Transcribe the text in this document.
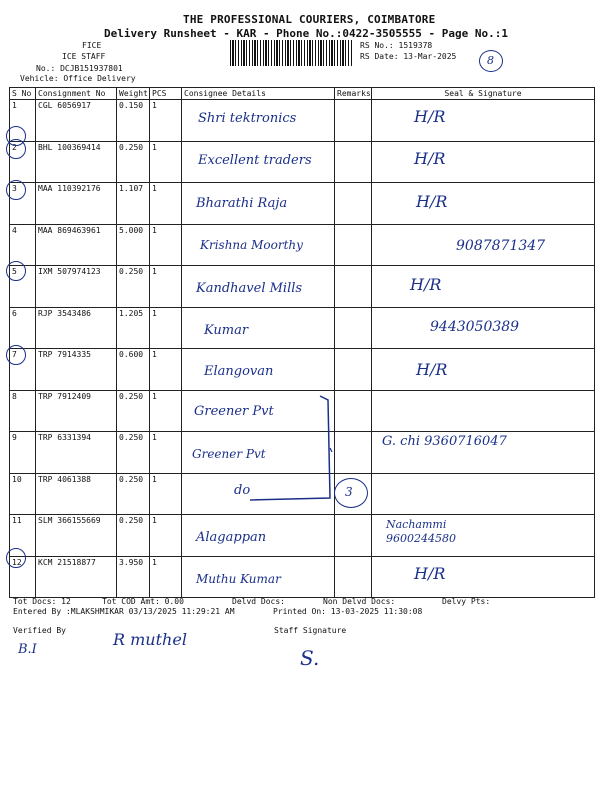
THE PROFESSIONAL COURIERS, COIMBATORE
Delivery Runsheet - KAR - Phone No.:0422-3505555 - Page No.:1
FICE
ICE STAFF
No.: DCJB151937801
Vehicle: Office Delivery
RS No.: 1519378
RS Date: 13-Mar-2025	8
S No	Consignment No	Weight	PCS	Consignee Details	Remarks	Seal & Signature
1	CGL 6056917	0.150	1	Shri tektronics		H/R

2	BHL 100369414	0.250	1	Excellent traders		H/R

3	MAA 110392176	1.107	1	Bharathi Raja		H/R

4	MAA 869463961	5.000	1	Krishna Moorthy		9087871347

5	IXM 507974123	0.250	1	Kandhavel Mills		H/R

6	RJP 3543486	1.205	1	Kumar		9443050389

7	TRP 7914335	0.600	1	Elangovan		H/R

8	TRP 7912409	0.250	1	Greener Pvt		

9	TRP 6331394	0.250	1	Greener Pvt		G. chi 9360716047

10	TRP 4061388	0.250	1	do		

11	SLM 366155669	0.250	1	Alagappan		Nachammi 9600244580

12	KCM 21518877	3.950	1	Muthu Kumar		H/R
3
Tot Docs: 12	Tot COD Amt: 0.00	Delvd Docs:	Non Delvd Docs:	Delvy Pts:
Entered By :MLAKSHMIKAR 03/13/2025 11:29:21 AM	Printed On: 13-03-2025 11:30:08
Verified By	Staff Signature
R muthel
B.I	S.
